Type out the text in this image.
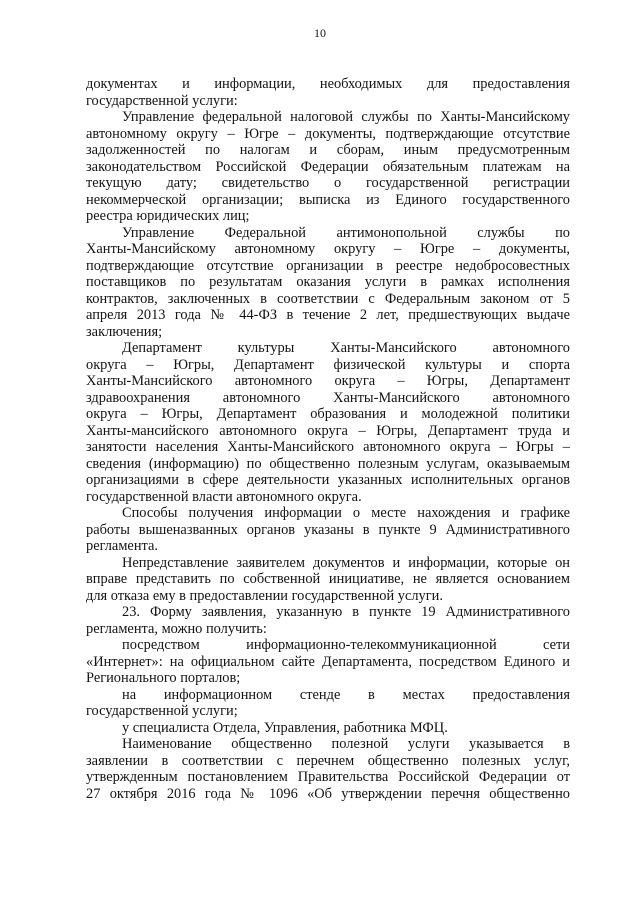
10
документах и информации, необходимых для предоставления
государственной услуги:
Управление федеральной налоговой службы по Ханты-Мансийскому
автономному округу – Югре – документы, подтверждающие отсутствие
задолженностей по налогам и сборам, иным предусмотренным
законодательством Российской Федерации обязательным платежам на
текущую дату; свидетельство о государственной регистрации
некоммерческой организации; выписка из Единого государственного
реестра юридических лиц;
Управление Федеральной антимонопольной службы по
Ханты-Мансийскому автономному округу – Югре – документы,
подтверждающие отсутствие организации в реестре недобросовестных
поставщиков по результатам оказания услуги в рамках исполнения
контрактов, заключенных в соответствии с Федеральным законом от 5
апреля 2013 года № 44-ФЗ в течение 2 лет, предшествующих выдаче
заключения;
Департамент культуры Ханты-Мансийского автономного
округа – Югры, Департамент физической культуры и спорта
Ханты-Мансийского автономного округа – Югры, Департамент
здравоохранения автономного Ханты-Мансийского автономного
округа – Югры, Департамент образования и молодежной политики
Ханты-мансийского автономного округа – Югры, Департамент труда и
занятости населения Ханты-Мансийского автономного округа – Югры –
сведения (информацию) по общественно полезным услугам, оказываемым
организациями в сфере деятельности указанных исполнительных органов
государственной власти автономного округа.
Способы получения информации о месте нахождения и графике
работы вышеназванных органов указаны в пункте 9 Административного
регламента.
Непредставление заявителем документов и информации, которые он
вправе представить по собственной инициативе, не является основанием
для отказа ему в предоставлении государственной услуги.
23. Форму заявления, указанную в пункте 19 Административного
регламента, можно получить:
посредством информационно-телекоммуникационной сети
«Интернет»: на официальном сайте Департамента, посредством Единого и
Регионального порталов;
на информационном стенде в местах предоставления
государственной услуги;
у специалиста Отдела, Управления, работника МФЦ.
Наименование общественно полезной услуги указывается в
заявлении в соответствии с перечнем общественно полезных услуг,
утвержденным постановлением Правительства Российской Федерации от
27 октября 2016 года № 1096 «Об утверждении перечня общественно
